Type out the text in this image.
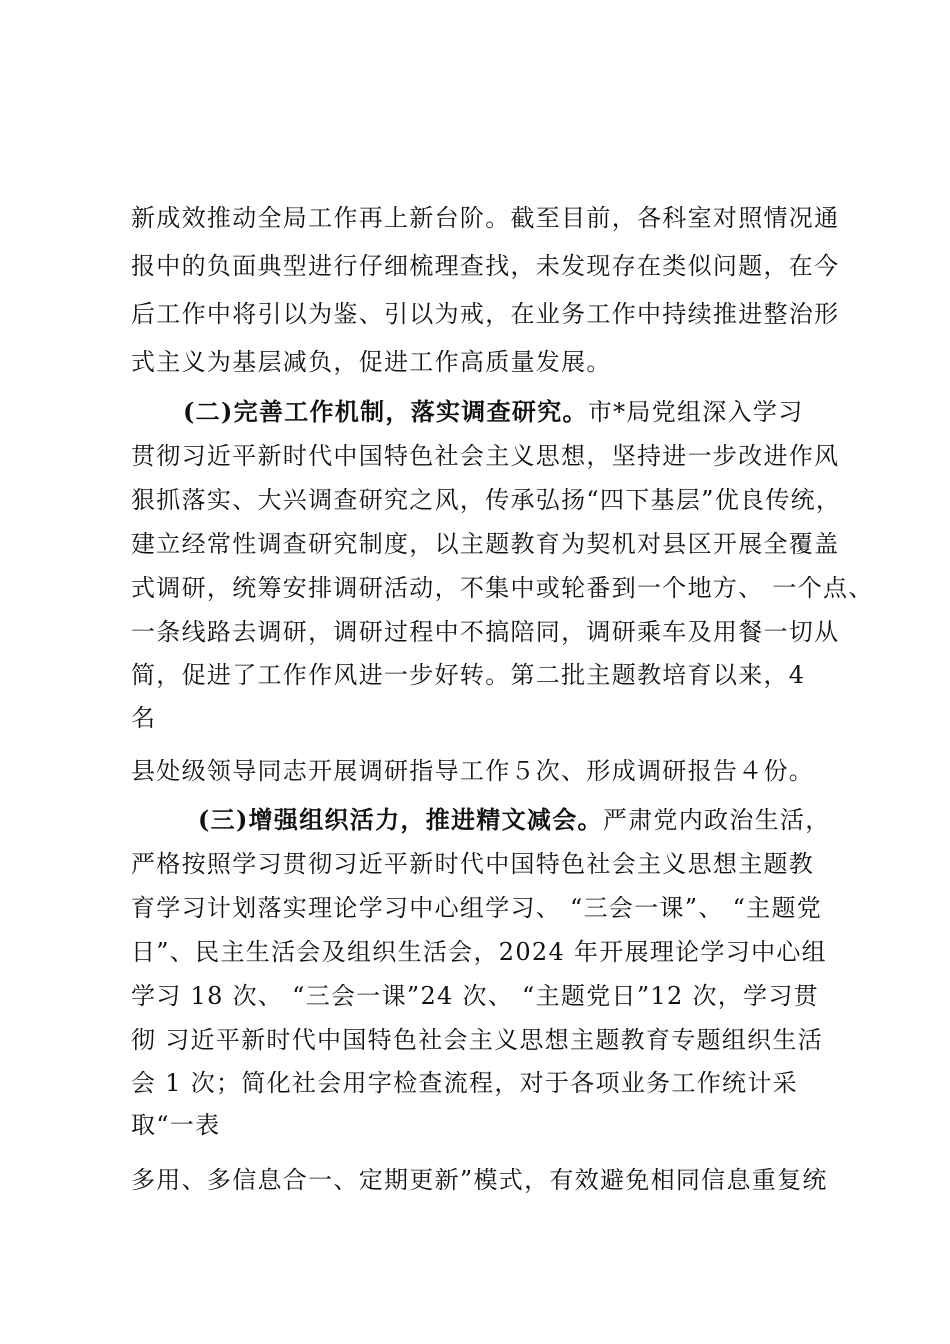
新成效推动全局工作再上新台阶。截至目前，各科室对照情况通
报中的负面典型进行仔细梳理查找，未发现存在类似问题，在今
后工作中将引以为鉴、引以为戒，在业务工作中持续推进整治形
式主义为基层减负，促进工作高质量发展。
(二)完善工作机制，落实调查研究。市*局党组深入学习
贯彻习近平新时代中国特色社会主义思想，坚持进一步改进作风
狠抓落实、大兴调查研究之风，传承弘扬“四下基层”优良传统，
建立经常性调查研究制度，以主题教育为契机对县区开展全覆盖
式调研，统筹安排调研活动，不集中或轮番到一个地方、 一个点、
一条线路去调研，调研过程中不搞陪同，调研乘车及用餐一切从
简，促进了工作作风进一步好转。第二批主题教培育以来，4
名
县处级领导同志开展调研指导工作５次、形成调研报告４份。
(三)增强组织活力，推进精文减会。严肃党内政治生活，
严格按照学习贯彻习近平新时代中国特色社会主义思想主题教
育学习计划落实理论学习中心组学习、 “三会一课”、 “主题党
日”、民主生活会及组织生活会，2024 年开展理论学习中心组
学习 18 次、 “三会一课”24 次、 “主题党日”12 次，学习贯
彻 习近平新时代中国特色社会主义思想主题教育专题组织生活
会 1 次；简化社会用字检查流程，对于各项业务工作统计采
取“一表
多用、多信息合一、定期更新”模式，有效避免相同信息重复统
